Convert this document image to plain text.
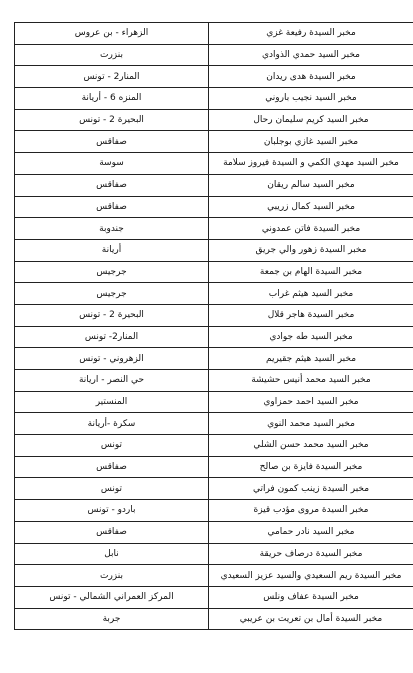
مخبر السيدة رفيعة غزي	الزهراء - بن عروس
مخبر السيد حمدي الذوادي	بنزرت
مخبر السيدة هدى ريدان	المنار2 - تونس
مخبر السيد نجيب باروني	المنزه 6 - أريانة
مخبر السيد كريم سليمان رحال	البحيرة 2 - تونس
مخبر السيد غازي بوجلبان	صفاقس
مخبر السيد مهدي الكمي و السيدة فيروز سلامة	سوسة
مخبر السيد سالم ريقان	صفاقس
مخبر السيد كمال زريبي	صفاقس
مخبر السيدة فاتن عمدوني	جندوبة
مخبر السيدة زهور والي جريق	أريانة
مخبر السيدة الهام بن جمعة	جرجيس
مخبر السيد هيثم غراب	جرجيس
مخبر السيدة هاجر قلال	البحيرة 2 - تونس
مخبر السيد طه جوادي	المنار2- تونس
مخبر السيد هيثم جقيريم	الزهروني - تونس
مخبر السيد محمد أنيس حشيشة	حي النصر - اريانة
مخبر السيد احمد حمزاوي	المنستير
مخبر السيد محمد النوي	سكرة -أريانة
مخبر السيد محمد حسن الشلي	تونس
مخبر السيدة فايزة بن صالح	صفاقس
مخبر السيدة زينب كمون فراتي	تونس
مخبر السيدة مروى مؤدب قيزة	باردو - تونس
مخبر السيد نادر حمامي	صفاقس
مخبر السيدة درصاف حريقة	نابل
مخبر السيدة ريم السعيدي والسيد عزيز السعيدي	بنزرت
مخبر السيدة عفاف ونلس	المركز العمراني الشمالي - تونس
مخبر السيدة أمال بن تعريت بن عريبي	جربة
